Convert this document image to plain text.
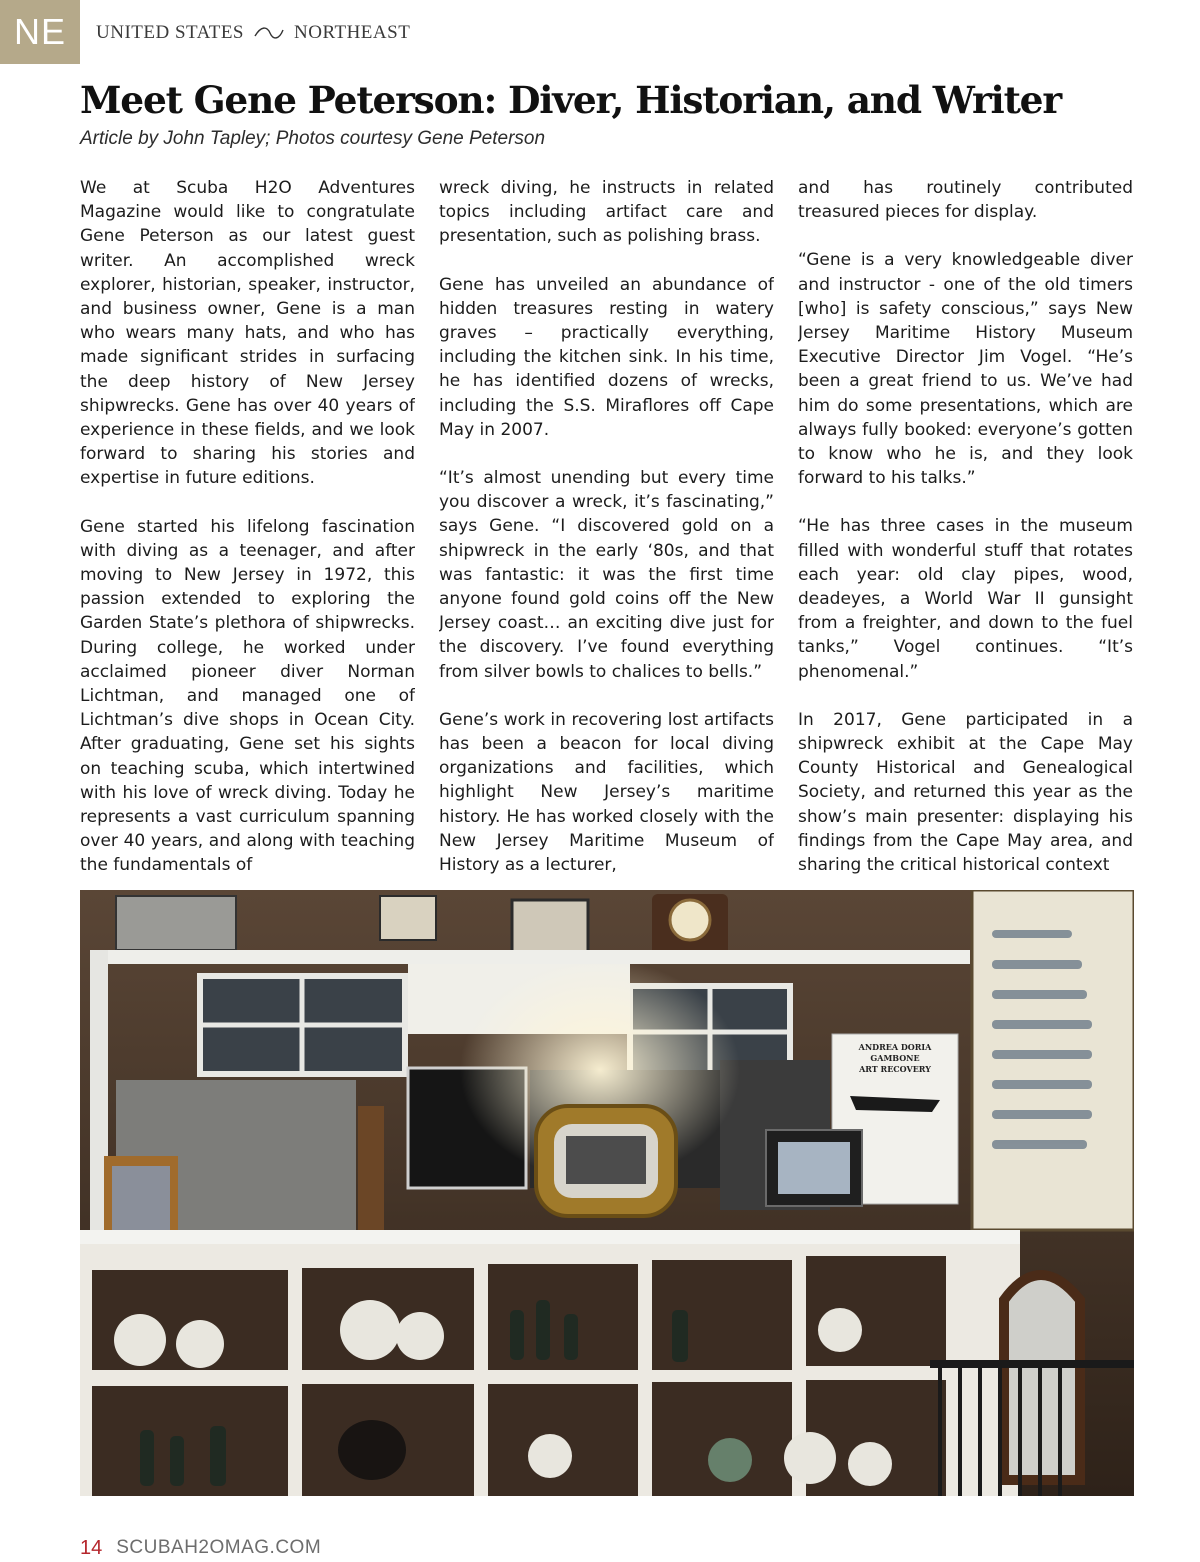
NE UNITED STATES	NORTHEAST
Meet Gene Peterson: Diver, Historian, and Writer
Article by John Tapley; Photos courtesy Gene Peterson

We at Scuba H2O Adventures Magazine would like to congratulate Gene Peterson as our latest guest writer. An accomplished wreck explorer, historian, speaker, instructor, and business owner, Gene is a man who wears many hats, and who has made significant strides in surfacing the deep history of New Jersey shipwrecks. Gene has over 40 years of experience in these fields, and we look forward to sharing his stories and expertise in future editions.

Gene started his lifelong fascination with diving as a teenager, and after moving to New Jersey in 1972, this passion extended to exploring the Garden State’s plethora of shipwrecks. During college, he worked under acclaimed pioneer diver Norman Lichtman, and managed one of Lichtman’s dive shops in Ocean City. After graduating, Gene set his sights on teaching scuba, which intertwined with his love of wreck diving. Today he represents a vast curriculum spanning over 40 years, and along with teaching the fundamentals of

wreck diving, he instructs in related topics including artifact care and presentation, such as polishing brass.

Gene has unveiled an abundance of hidden treasures resting in watery graves – practically everything, including the kitchen sink. In his time, he has identified dozens of wrecks, including the S.S. Miraflores off Cape May in 2007.

“It’s almost unending but every time you discover a wreck, it’s fascinating,” says Gene. “I discovered gold on a shipwreck in the early ‘80s, and that was fantastic: it was the first time anyone found gold coins off the New Jersey coast… an exciting dive just for the discovery. I’ve found everything from silver bowls to chalices to bells.”

Gene’s work in recovering lost artifacts has been a beacon for local diving organizations and facilities, which highlight New Jersey’s maritime history. He has worked closely with the New Jersey Maritime Museum of History as a lecturer,

and has routinely contributed treasured pieces for display.

“Gene is a very knowledgeable diver and instructor - one of the old timers [who] is safety conscious,” says New Jersey Maritime History Museum Executive Director Jim Vogel. “He’s been a great friend to us. We’ve had him do some presentations, which are always fully booked: everyone’s gotten to know who he is, and they look forward to his talks.”

“He has three cases in the museum filled with wonderful stuff that rotates each year: old clay pipes, wood, deadeyes, a World War II gunsight from a freighter, and down to the fuel tanks,” Vogel continues. “It’s phenomenal.”

In 2017, Gene participated in a shipwreck exhibit at the Cape May County Historical and Genealogical Society, and returned this year as the show’s main presenter: displaying his findings from the Cape May area, and sharing the critical historical context

ANDREA DORIA
GAMBONE
ART RECOVERY
14 SCUBAH2OMAG.COM
